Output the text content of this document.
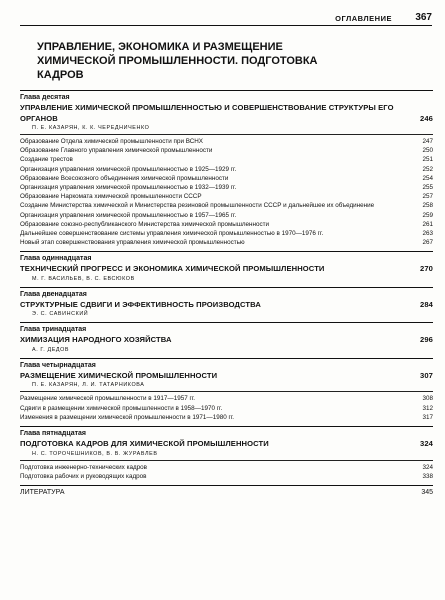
ОГЛАВЛЕНИЕ 367
УПРАВЛЕНИЕ, ЭКОНОМИКА И РАЗМЕЩЕНИЕ ХИМИЧЕСКОЙ ПРОМЫШЛЕННОСТИ. ПОДГОТОВКА КАДРОВ
Глава десятая
УПРАВЛЕНИЕ ХИМИЧЕСКОЙ ПРОМЫШЛЕННОСТЬЮ И СОВЕРШЕНСТВОВАНИЕ СТРУКТУРЫ ЕГО ОРГАНОВ	246
П. Е. КАЗАРЯН, К. К. ЧЕРЕДНИЧЕНКО
Образование Отдела химической промышленности при ВСНХ	247
Образование Главного управления химической промышленности	250
Создание трестов	251
Организация управления химической промышленностью в 1925—1929 гг.	252
Образование Всесоюзного объединения химической промышленности	254
Организация управления химической промышленностью в 1932—1939 гг.	255
Образование Наркомата химической промышленности СССР	257
Создание Министерства химической и Министерства резиновой промышленности СССР и дальнейшее их объединение	258
Организация управления химической промышленностью в 1957—1965 гг.	259
Образование союзно-республиканского Министерства химической промышленности	261
Дальнейшее совершенствование системы управления химической промышленностью в 1970—1976 гг.	263
Новый этап совершенствования управления химической промышленностью	267
Глава одиннадцатая
ТЕХНИЧЕСКИЙ ПРОГРЕСС И ЭКОНОМИКА ХИМИЧЕСКОЙ ПРОМЫШЛЕННОСТИ	270
М. Г. ВАСИЛЬЕВ, В. С. ЕВСЮКОВ
Глава двенадцатая
СТРУКТУРНЫЕ СДВИГИ И ЭФФЕКТИВНОСТЬ ПРОИЗВОДСТВА	284
Э. С. САВИНСКИЙ
Глава тринадцатая
ХИМИЗАЦИЯ НАРОДНОГО ХОЗЯЙСТВА	296
А. Г. ДЕДОВ
Глава четырнадцатая
РАЗМЕЩЕНИЕ ХИМИЧЕСКОЙ ПРОМЫШЛЕННОСТИ	307
П. Е. КАЗАРЯН, Л. И. ТАТАРНИКОВА
Размещение химической промышленности в 1917—1957 гг.	308
Сдвиги в размещении химической промышленности в 1958—1970 гг.	312
Изменения в размещении химической промышленности в 1971—1980 гг.	317
Глава пятнадцатая
ПОДГОТОВКА КАДРОВ ДЛЯ ХИМИЧЕСКОЙ ПРОМЫШЛЕННОСТИ	324
Н. С. ТОРОЧЕШНИКОВ, В. В. ЖУРАВЛЕВ
Подготовка инженерно-технических кадров	324
Подготовка рабочих и руководящих кадров	338
ЛИТЕРАТУРА	345
